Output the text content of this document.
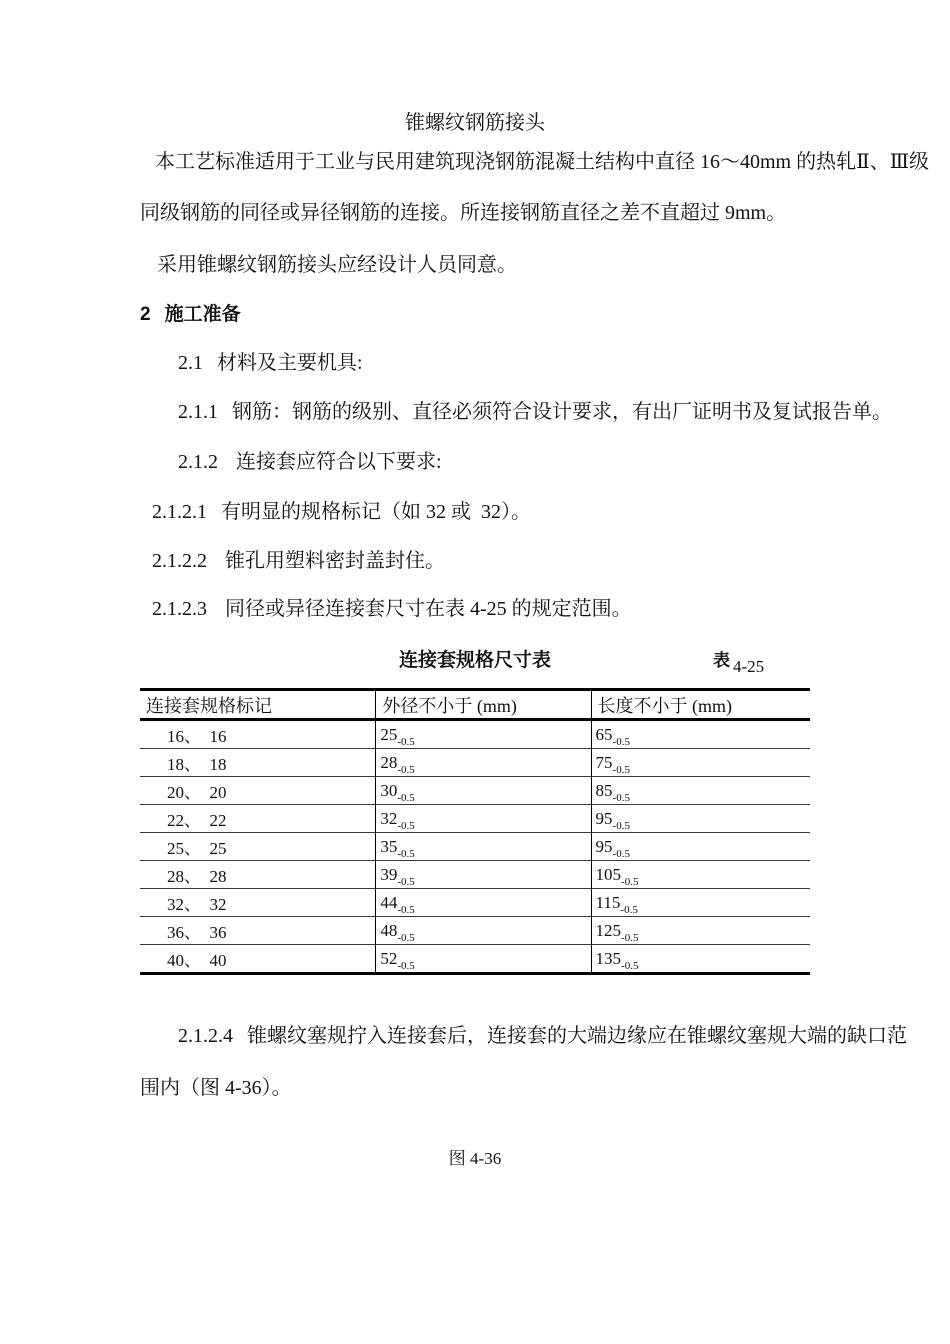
锥螺纹钢筋接头
本工艺标准适用于工业与民用建筑现浇钢筋混凝土结构中直径 16～40mm 的热轧Ⅱ、Ⅲ级
同级钢筋的同径或异径钢筋的连接。所连接钢筋直径之差不直超过 9mm。
采用锥螺纹钢筋接头应经设计人员同意。
2 施工准备
2.1 材料及主要机具:
2.1.1 钢筋：钢筋的级别、直径必须符合设计要求，有出厂证明书及复试报告单。
2.1.2 连接套应符合以下要求:
2.1.2.1 有明显的规格标记（如 32 或  32）。
2.1.2.2 锥孔用塑料密封盖封住。
2.1.2.3 同径或异径连接套尺寸在表 4-25 的规定范围。
连接套规格尺寸表	表 4-25
连接套规格标记	外径不小于 (mm)	长度不小于 (mm)
16、　16	$25_{-0.5}$	$65_{-0.5}$
18、　18	$28_{-0.5}$	$75_{-0.5}$
20、　20	$30_{-0.5}$	$85_{-0.5}$
22、　22	$32_{-0.5}$	$95_{-0.5}$
25、　25	$35_{-0.5}$	$95_{-0.5}$
28、　28	$39_{-0.5}$	$105_{-0.5}$
32、　32	$44_{-0.5}$	$115_{-0.5}$
36、　36	$48_{-0.5}$	$125_{-0.5}$
40、　40	$52_{-0.5}$	$135_{-0.5}$
2.1.2.4 锥螺纹塞规拧入连接套后，连接套的大端边缘应在锥螺纹塞规大端的缺口范
围内（图 4-36）。
图 4-36
